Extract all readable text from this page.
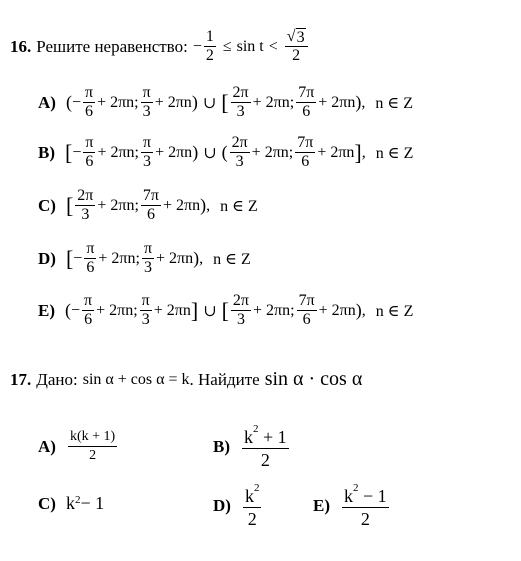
16. Решите неравенство: − $\frac{1}{2} \le \sin t < \frac{√ 3}{2}$
A) ( − $\frac{\pi}{6} + 2\pi n$ ; $\frac{\pi}{3} + 2\pi n$ ) ∪ [ $\frac{2\pi}{3} + 2\pi n$ ; $\frac{7\pi}{6} + 2\pi n$ ) , n ∈ Z
B) [ − $\frac{\pi}{6} + 2\pi n$ ; $\frac{\pi}{3} + 2\pi n$ ) ∪ ( $\frac{2\pi}{3} + 2\pi n$ ; $\frac{7\pi}{6} + 2\pi n$ ] , n ∈ Z
C) [ $\frac{2\pi}{3} + 2\pi n$ ; $\frac{7\pi}{6} + 2\pi n$ ) , n ∈ Z
D) [ − $\frac{\pi}{6} + 2\pi n$ ; $\frac{\pi}{3} + 2\pi n$ ) , n ∈ Z
E) ( − $\frac{\pi}{6} + 2\pi n$ ; $\frac{\pi}{3} + 2\pi n$ ] ∪ [ $\frac{2\pi}{3} + 2\pi n$ ; $\frac{7\pi}{6} + 2\pi n$ ) , n ∈ Z
17. Дано: sin α + cos α = k . Найдите sin α · cos α
$A) \frac{k(k + 1)}{2}$	$B) \frac{k^2 + 1}{2}$
C) $k^2 - 1$	$D) \frac{k^2}{2}$	$E) \frac{k^2 - 1}{2}$
